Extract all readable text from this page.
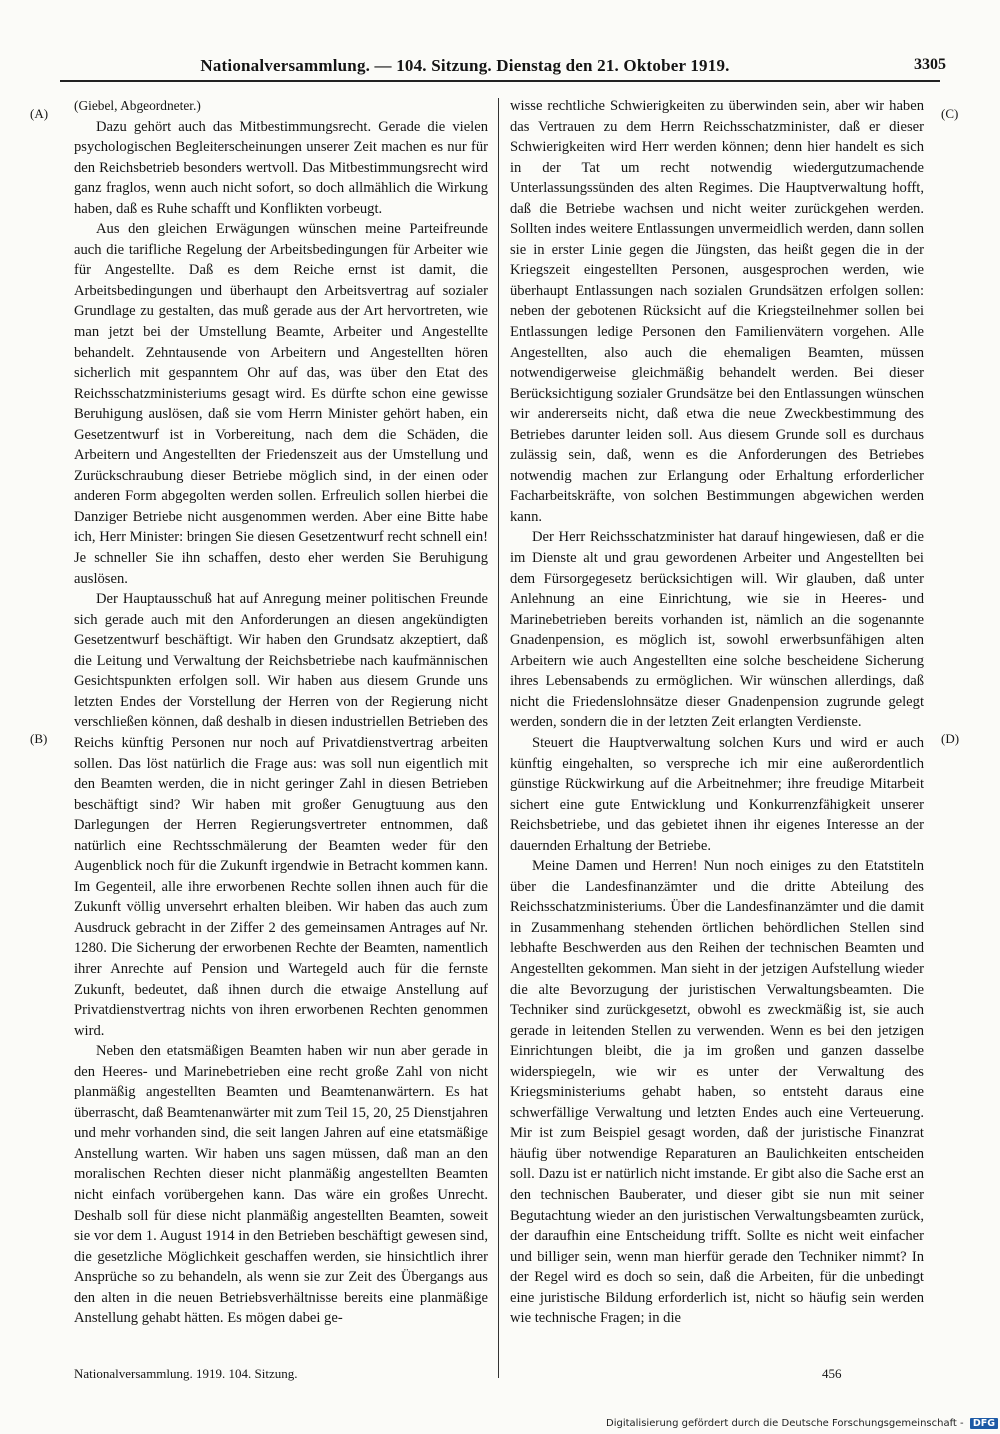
Nationalversammlung. — 104. Sitzung. Dienstag den 21. Oktober 1919.	3305
(A)
(B)
(C)
(D)

(Giebel, Abgeordneter.)

Dazu gehört auch das Mitbestimmungsrecht. Gerade die vielen psychologischen Begleiterscheinungen unserer Zeit machen es nur für den Reichsbetrieb besonders wertvoll. Das Mitbestimmungsrecht wird ganz fraglos, wenn auch nicht sofort, so doch allmählich die Wirkung haben, daß es Ruhe schafft und Konflikten vorbeugt.

Aus den gleichen Erwägungen wünschen meine Parteifreunde auch die tarifliche Regelung der Arbeitsbedingungen für Arbeiter wie für Angestellte. Daß es dem Reiche ernst ist damit, die Arbeitsbedingungen und überhaupt den Arbeitsvertrag auf sozialer Grundlage zu gestalten, das muß gerade aus der Art hervortreten, wie man jetzt bei der Umstellung Beamte, Arbeiter und Angestellte behandelt. Zehntausende von Arbeitern und Angestellten hören sicherlich mit gespanntem Ohr auf das, was über den Etat des Reichsschatzministeriums gesagt wird. Es dürfte schon eine gewisse Beruhigung auslösen, daß sie vom Herrn Minister gehört haben, ein Gesetzentwurf ist in Vorbereitung, nach dem die Schäden, die Arbeitern und Angestellten der Friedenszeit aus der Umstellung und Zurückschraubung dieser Betriebe möglich sind, in der einen oder anderen Form abgegolten werden sollen. Erfreulich sollen hierbei die Danziger Betriebe nicht ausgenommen werden. Aber eine Bitte habe ich, Herr Minister: bringen Sie diesen Gesetzentwurf recht schnell ein! Je schneller Sie ihn schaffen, desto eher werden Sie Beruhigung auslösen.

Der Hauptausschuß hat auf Anregung meiner politischen Freunde sich gerade auch mit den Anforderungen an diesen angekündigten Gesetzentwurf beschäftigt. Wir haben den Grundsatz akzeptiert, daß die Leitung und Verwaltung der Reichsbetriebe nach kaufmännischen Gesichtspunkten erfolgen soll. Wir haben aus diesem Grunde uns letzten Endes der Vorstellung der Herren von der Regierung nicht verschließen können, daß deshalb in diesen industriellen Betrieben des Reichs künftig Personen nur noch auf Privatdienstvertrag arbeiten sollen. Das löst natürlich die Frage aus: was soll nun eigentlich mit den Beamten werden, die in nicht geringer Zahl in diesen Betrieben beschäftigt sind? Wir haben mit großer Genugtuung aus den Darlegungen der Herren Regierungsvertreter entnommen, daß natürlich eine Rechtsschmälerung der Beamten weder für den Augenblick noch für die Zukunft irgendwie in Betracht kommen kann. Im Gegenteil, alle ihre erworbenen Rechte sollen ihnen auch für die Zukunft völlig unversehrt erhalten bleiben. Wir haben das auch zum Ausdruck gebracht in der Ziffer 2 des gemeinsamen Antrages auf Nr. 1280. Die Sicherung der erworbenen Rechte der Beamten, namentlich ihrer Anrechte auf Pension und Wartegeld auch für die fernste Zukunft, bedeutet, daß ihnen durch die etwaige Anstellung auf Privatdienstvertrag nichts von ihren erworbenen Rechten genommen wird.

Neben den etatsmäßigen Beamten haben wir nun aber gerade in den Heeres- und Marinebetrieben eine recht große Zahl von nicht planmäßig angestellten Beamten und Beamtenanwärtern. Es hat überrascht, daß Beamtenanwärter mit zum Teil 15, 20, 25 Dienstjahren und mehr vorhanden sind, die seit langen Jahren auf eine etatsmäßige Anstellung warten. Wir haben uns sagen müssen, daß man an den moralischen Rechten dieser nicht planmäßig angestellten Beamten nicht einfach vorübergehen kann. Das wäre ein großes Unrecht. Deshalb soll für diese nicht planmäßig angestellten Beamten, soweit sie vor dem 1. August 1914 in den Betrieben beschäftigt gewesen sind, die gesetzliche Möglichkeit geschaffen werden, sie hinsichtlich ihrer Ansprüche so zu behandeln, als wenn sie zur Zeit des Übergangs aus den alten in die neuen Betriebsverhältnisse bereits eine planmäßige Anstellung gehabt hätten. Es mögen dabei ge-

wisse rechtliche Schwierigkeiten zu überwinden sein, aber wir haben das Vertrauen zu dem Herrn Reichsschatzminister, daß er dieser Schwierigkeiten wird Herr werden können; denn hier handelt es sich in der Tat um recht notwendig wiedergutzumachende Unterlassungssünden des alten Regimes. Die Hauptverwaltung hofft, daß die Betriebe wachsen und nicht weiter zurückgehen werden. Sollten indes weitere Entlassungen unvermeidlich werden, dann sollen sie in erster Linie gegen die Jüngsten, das heißt gegen die in der Kriegszeit eingestellten Personen, ausgesprochen werden, wie überhaupt Entlassungen nach sozialen Grundsätzen erfolgen sollen: neben der gebotenen Rücksicht auf die Kriegsteilnehmer sollen bei Entlassungen ledige Personen den Familienvätern vorgehen. Alle Angestellten, also auch die ehemaligen Beamten, müssen notwendigerweise gleichmäßig behandelt werden. Bei dieser Berücksichtigung sozialer Grundsätze bei den Entlassungen wünschen wir andererseits nicht, daß etwa die neue Zweckbestimmung des Betriebes darunter leiden soll. Aus diesem Grunde soll es durchaus zulässig sein, daß, wenn es die Anforderungen des Betriebes notwendig machen zur Erlangung oder Erhaltung erforderlicher Facharbeitskräfte, von solchen Bestimmungen abgewichen werden kann.

Der Herr Reichsschatzminister hat darauf hingewiesen, daß er die im Dienste alt und grau gewordenen Arbeiter und Angestellten bei dem Fürsorgegesetz berücksichtigen will. Wir glauben, daß unter Anlehnung an eine Einrichtung, wie sie in Heeres- und Marinebetrieben bereits vorhanden ist, nämlich an die sogenannte Gnadenpension, es möglich ist, sowohl erwerbsunfähigen alten Arbeitern wie auch Angestellten eine solche bescheidene Sicherung ihres Lebensabends zu ermöglichen. Wir wünschen allerdings, daß nicht die Friedenslohnsätze dieser Gnadenpension zugrunde gelegt werden, sondern die in der letzten Zeit erlangten Verdienste.

Steuert die Hauptverwaltung solchen Kurs und wird er auch künftig eingehalten, so verspreche ich mir eine außerordentlich günstige Rückwirkung auf die Arbeitnehmer; ihre freudige Mitarbeit sichert eine gute Entwicklung und Konkurrenzfähigkeit unserer Reichsbetriebe, und das gebietet ihnen ihr eigenes Interesse an der dauernden Erhaltung der Betriebe.

Meine Damen und Herren! Nun noch einiges zu den Etatstiteln über die Landesfinanzämter und die dritte Abteilung des Reichsschatzministeriums. Über die Landesfinanzämter und die damit in Zusammenhang stehenden örtlichen behördlichen Stellen sind lebhafte Beschwerden aus den Reihen der technischen Beamten und Angestellten gekommen. Man sieht in der jetzigen Aufstellung wieder die alte Bevorzugung der juristischen Verwaltungsbeamten. Die Techniker sind zurückgesetzt, obwohl es zweckmäßig ist, sie auch gerade in leitenden Stellen zu verwenden. Wenn es bei den jetzigen Einrichtungen bleibt, die ja im großen und ganzen dasselbe widerspiegeln, wie wir es unter der Verwaltung des Kriegsministeriums gehabt haben, so entsteht daraus eine schwerfällige Verwaltung und letzten Endes auch eine Verteuerung. Mir ist zum Beispiel gesagt worden, daß der juristische Finanzrat häufig über notwendige Reparaturen an Baulichkeiten entscheiden soll. Dazu ist er natürlich nicht imstande. Er gibt also die Sache erst an den technischen Bauberater, und dieser gibt sie nun mit seiner Begutachtung wieder an den juristischen Verwaltungsbeamten zurück, der daraufhin eine Entscheidung trifft. Sollte es nicht weit einfacher und billiger sein, wenn man hierfür gerade den Techniker nimmt? In der Regel wird es doch so sein, daß die Arbeiten, für die unbedingt eine juristische Bildung erforderlich ist, nicht so häufig sein werden wie technische Fragen; in die

Nationalversammlung. 1919. 104. Sitzung.	456
Digitalisierung gefördert durch die Deutsche Forschungsgemeinschaft - DFG
